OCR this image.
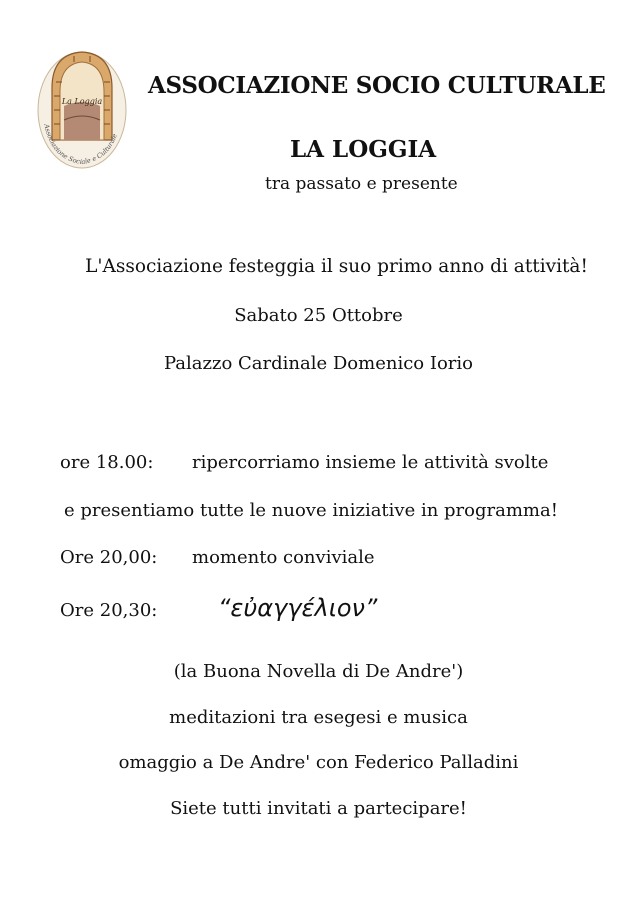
La Loggia
Associazione Sociale e Culturale
ASSOCIAZIONE SOCIO CULTURALE
LA LOGGIA
tra passato e presente
L'Associazione festeggia il suo primo anno di attività!
Sabato 25 Ottobre
Palazzo Cardinale Domenico Iorio
ore 18.00: ripercorriamo insieme le attività svolte
e presentiamo tutte le nuove iniziative in programma!
Ore 20,00: momento conviviale
Ore 20,30:	“εὐαγγέλιον”
(la Buona Novella di De Andre')
meditazioni tra esegesi e musica
omaggio a De Andre' con Federico Palladini
Siete tutti invitati a partecipare!
